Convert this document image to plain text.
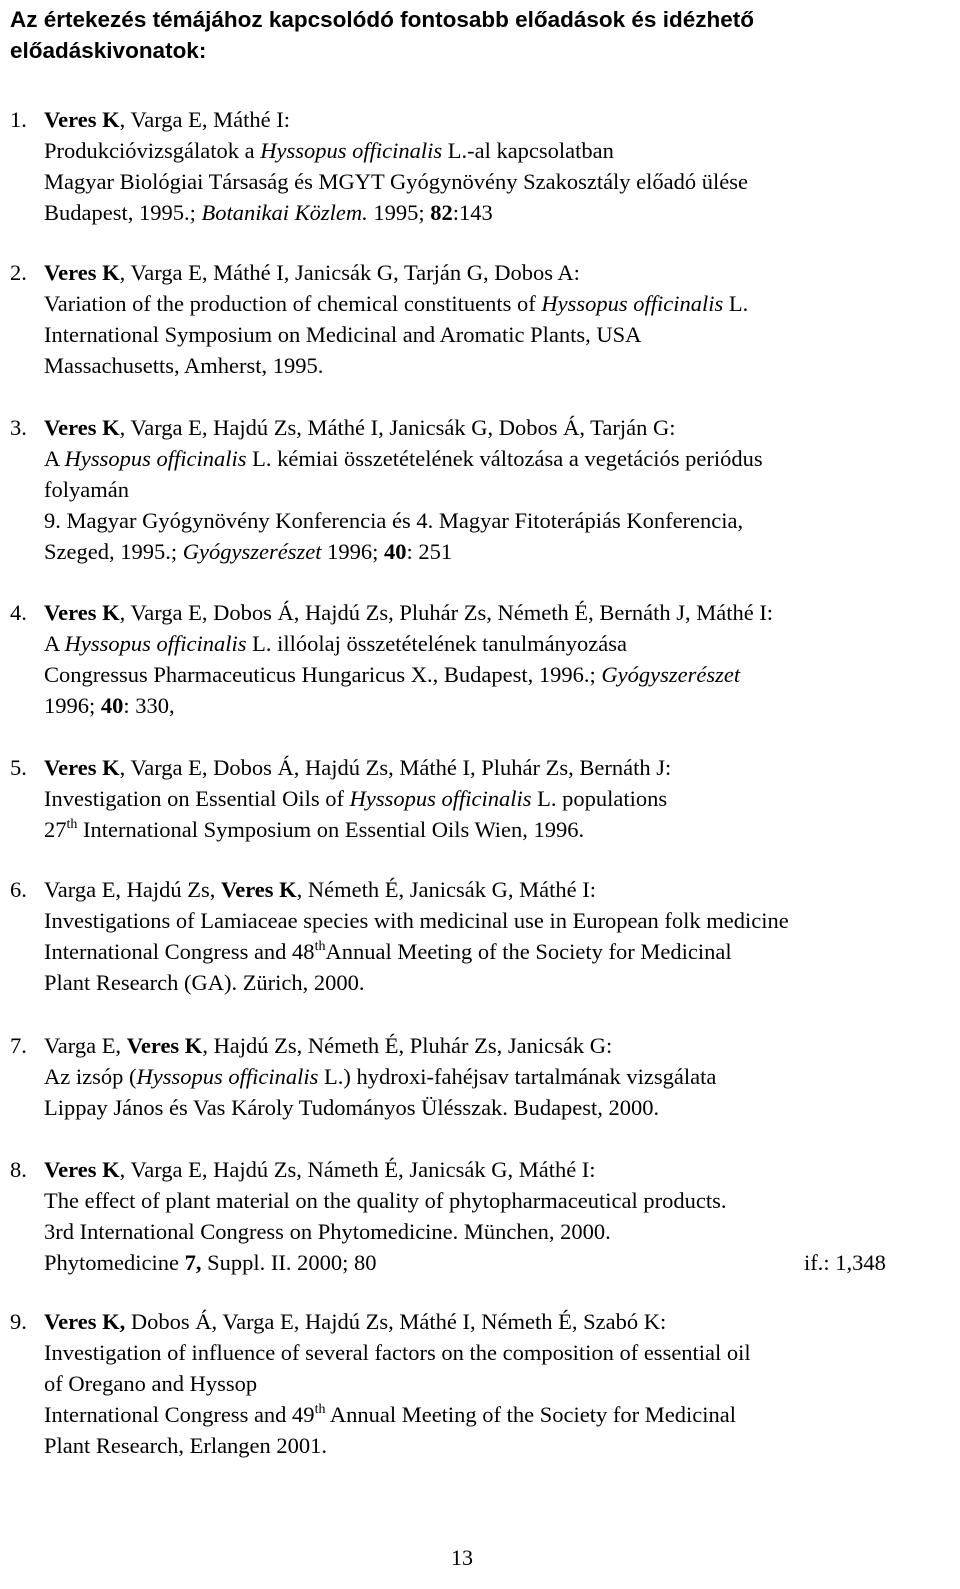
Az értekezés témájához kapcsolódó fontosabb előadások és idézhető előadáskivonatok:
1. Veres K, Varga E, Máthé I:
Produkcióvizsgálatok a Hyssopus officinalis L.-al kapcsolatban
Magyar Biológiai Társaság és MGYT Gyógynövény Szakosztály előadó ülése
Budapest, 1995.; Botanikai Közlem. 1995; 82:143
2. Veres K, Varga E, Máthé I, Janicsák G, Tarján G, Dobos A:
Variation of the production of chemical constituents of Hyssopus officinalis L.
International Symposium on Medicinal and Aromatic Plants, USA
Massachusetts, Amherst, 1995.
3. Veres K, Varga E, Hajdú Zs, Máthé I, Janicsák G, Dobos Á, Tarján G:
A Hyssopus officinalis L. kémiai összetételének változása a vegetációs periódus
folyamán
9. Magyar Gyógynövény Konferencia és 4. Magyar Fitoterápiás Konferencia,
Szeged, 1995.; Gyógyszerészet 1996; 40: 251
4. Veres K, Varga E, Dobos Á, Hajdú Zs, Pluhár Zs, Németh É, Bernáth J, Máthé I:
A Hyssopus officinalis L. illóolaj összetételének tanulmányozása
Congressus Pharmaceuticus Hungaricus X., Budapest, 1996.; Gyógyszerészet
1996; 40: 330,
5. Veres K, Varga E, Dobos Á, Hajdú Zs, Máthé I, Pluhár Zs, Bernáth J:
Investigation on Essential Oils of Hyssopus officinalis L. populations
27th International Symposium on Essential Oils Wien, 1996.
6. Varga E, Hajdú Zs, Veres K, Németh É, Janicsák G, Máthé I:
Investigations of Lamiaceae species with medicinal use in European folk medicine
International Congress and 48thAnnual Meeting of the Society for Medicinal
Plant Research (GA). Zürich, 2000.
7. Varga E, Veres K, Hajdú Zs, Németh É, Pluhár Zs, Janicsák G:
Az izsóp (Hyssopus officinalis L.) hydroxi-fahéjsav tartalmának vizsgálata
Lippay János és Vas Károly Tudományos Ülésszak. Budapest, 2000.
8. Veres K, Varga E, Hajdú Zs, Námeth É, Janicsák G, Máthé I:
The effect of plant material on the quality of phytopharmaceutical products.
3rd International Congress on Phytomedicine. München, 2000.
Phytomedicine 7, Suppl. II. 2000; 80	if.: 1,348
9. Veres K, Dobos Á, Varga E, Hajdú Zs, Máthé I, Németh É, Szabó K:
Investigation of influence of several factors on the composition of essential oil
of Oregano and Hyssop
International Congress and 49th Annual Meeting of the Society for Medicinal
Plant Research, Erlangen 2001.
13
